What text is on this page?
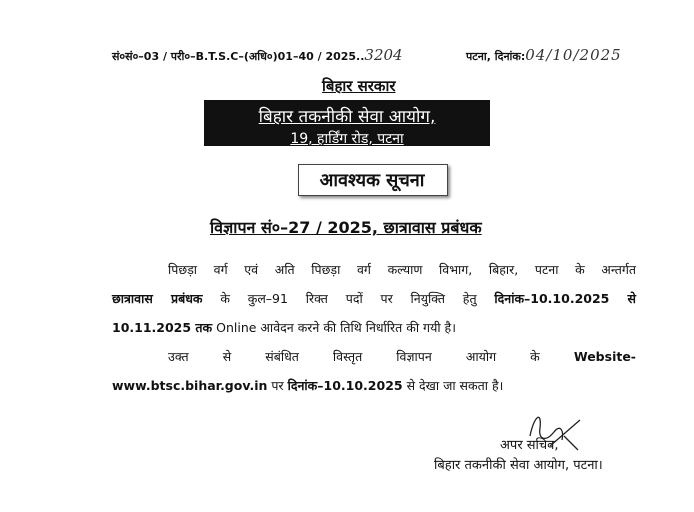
सं०सं०–03 / परी०–B.T.S.C–(अधि०)01–40 / 2025..3204	पटना, दिनांक:04/10/2025
बिहार सरकार
बिहार तकनीकी सेवा आयोग,
19, हार्डिंग रोड, पटना
आवश्यक सूचना
विज्ञापन सं०–27 / 2025, छात्रावास प्रबंधक
पिछड़ा वर्ग एवं अति पिछड़ा वर्ग कल्याण विभाग, बिहार, पटना के अन्तर्गत
छात्रावास प्रबंधक के कुल–91 रिक्त पदों पर नियुक्ति हेतु दिनांक–10.10.2025 से
10.11.2025 तक Online आवेदन करने की तिथि निर्धारित की गयी है।
उक्त से संबंधित विस्तृत विज्ञापन आयोग के	Website-
www.btsc.bihar.gov.in पर दिनांक–10.10.2025 से देखा जा सकता है।
अपर सचिव,
बिहार तकनीकी सेवा आयोग, पटना।
